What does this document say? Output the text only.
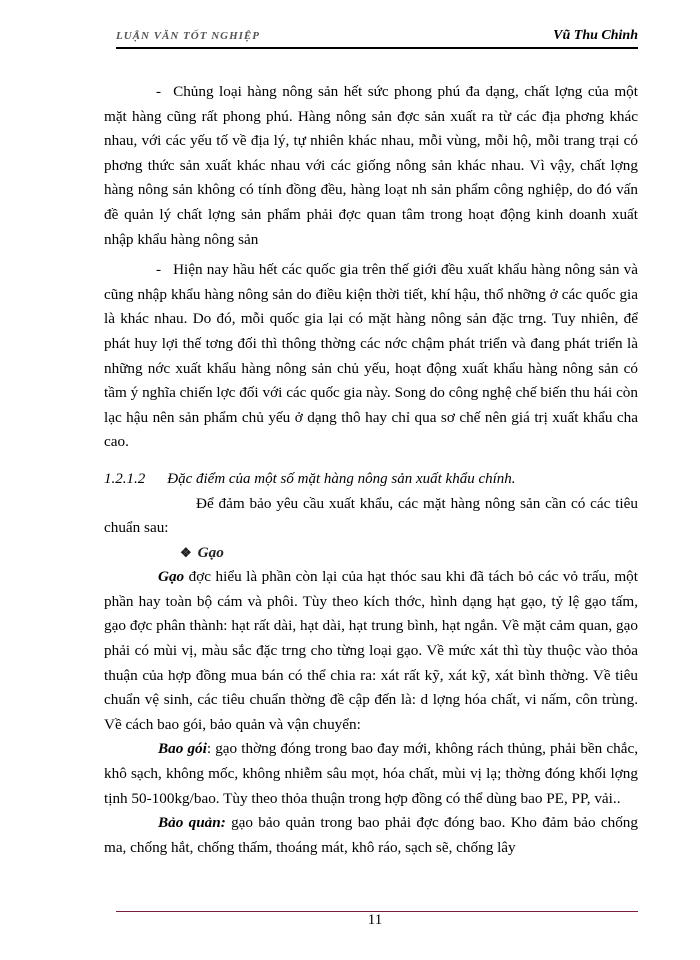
LUẬN VĂN TỐT NGHIỆP	Vũ Thu Chinh

- Chủng loại hàng nông sản hết sức phong phú đa dạng, chất lợng của một mặt hàng cũng rất phong phú. Hàng nông sản đợc sản xuất ra từ các địa phơng khác nhau, với các yếu tố về địa lý, tự nhiên khác nhau, mỗi vùng, mỗi hộ, mỗi trang trại có phơng thức sản xuất khác nhau với các giống nông sản khác nhau. Vì vậy, chất lợng hàng nông sản không có tính đồng đều, hàng loạt nh sản phẩm công nghiệp, do đó vấn đề quản lý chất lợng sản phẩm phải đợc quan tâm trong hoạt động kinh doanh xuất nhập khẩu hàng nông sản

- Hiện nay hầu hết các quốc gia trên thế giới đều xuất khẩu hàng nông sản và cũng nhập khẩu hàng nông sản do điều kiện thời tiết, khí hậu, thổ nhỡng ở các quốc gia là khác nhau. Do đó, mỗi quốc gia lại có mặt hàng nông sản đặc trng. Tuy nhiên, để phát huy lợi thế tơng đối thì thông thờng các nớc chậm phát triển và đang phát triển là những nớc xuất khẩu hàng nông sản chủ yếu, hoạt động xuất khẩu hàng nông sản có tầm ý nghĩa chiến lợc đối với các quốc gia này. Song do công nghệ chế biến thu hái còn lạc hậu nên sản phẩm chủ yếu ở dạng thô hay chỉ qua sơ chế nên giá trị xuất khẩu cha cao.

1.2.1.2 Đặc điểm của một số mặt hàng nông sản xuất khẩu chính.

Để đảm bảo yêu cầu xuất khẩu, các mặt hàng nông sản cần có các tiêu chuẩn sau:

❖ Gạo

Gạo đợc hiểu là phần còn lại của hạt thóc sau khi đã tách bỏ các vỏ trấu, một phần hay toàn bộ cám và phôi. Tùy theo kích thớc, hình dạng hạt gạo, tỷ lệ gạo tấm, gạo đợc phân thành: hạt rất dài, hạt dài, hạt trung bình, hạt ngắn. Về mặt cảm quan, gạo phải có mùi vị, màu sắc đặc trng cho từng loại gạo. Về mức xát thì tùy thuộc vào thỏa thuận của hợp đồng mua bán có thể chia ra: xát rất kỹ, xát kỹ, xát bình thờng. Về tiêu chuẩn vệ sinh, các tiêu chuẩn thờng đề cập đến là: d lợng hóa chất, vi nấm, côn trùng. Về cách bao gói, bảo quản và vận chuyển:

Bao gói: gạo thờng đóng trong bao đay mới, không rách thủng, phải bền chắc, khô sạch, không mốc, không nhiễm sâu mọt, hóa chất, mùi vị lạ; thờng đóng khối lợng tịnh 50-100kg/bao. Tùy theo thỏa thuận trong hợp đồng có thể dùng bao PE, PP, vải..

Bảo quản: gạo bảo quản trong bao phải đợc đóng bao. Kho đảm bảo chống ma, chống hắt, chống thấm, thoáng mát, khô ráo, sạch sẽ, chống lây

11
